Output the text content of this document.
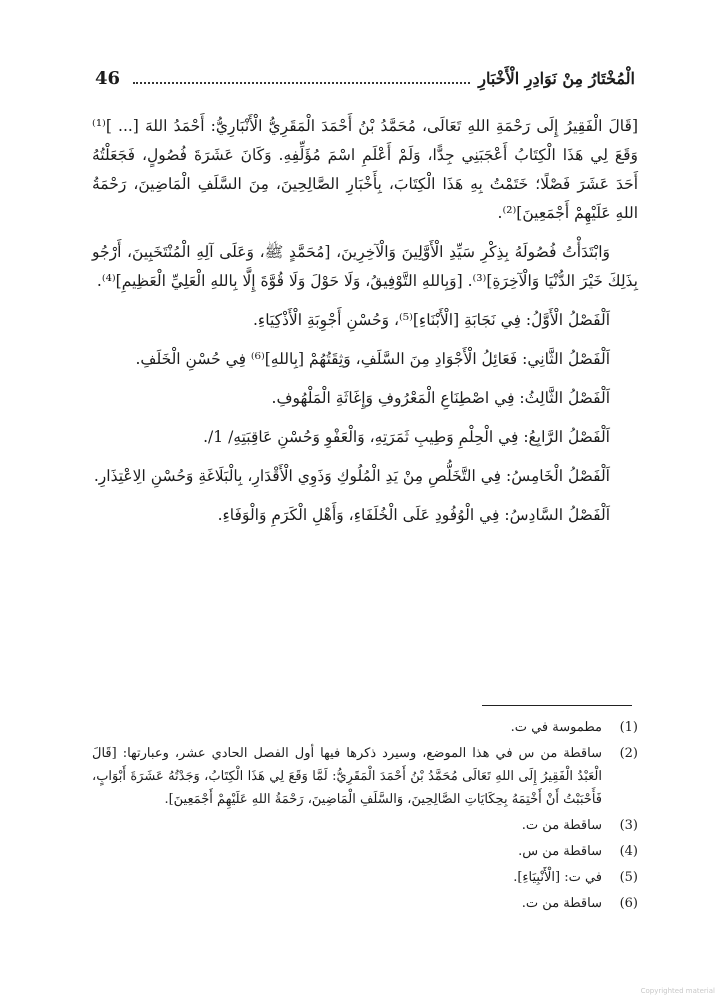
46	الْمُخْتَارُ مِنْ نَوَادِرِ الْأَخْبَارِ

[قَالَ الْفَقِيرُ إِلَى رَحْمَةِ اللهِ تَعَالَى، مُحَمَّدُ بْنُ أَحْمَدَ الْمَقَرِيُّ الْأَنْبَارِيُّ: أَحْمَدُ اللهَ [... ]⁽¹⁾ وَقَعَ لِي هَذَا الْكِتَابُ أَعْجَبَنِي جِدًّا، وَلَمْ أَعْلَمِ اسْمَ مُؤَلِّفِهِ. وَكَانَ عَشَرَةَ فُصُولٍ، فَجَعَلْتُهُ أَحَدَ عَشَرَ فَصْلًا؛ خَتَمْتُ بِهِ هَذَا الْكِتَابَ، بِأَخْبَارِ الصَّالِحِينَ، مِنَ السَّلَفِ الْمَاضِينَ، رَحْمَةُ اللهِ عَلَيْهِمْ أَجْمَعِينَ]⁽²⁾.

وَابْتَدَأْتُ فُصُولَهُ بِذِكْرِ سَيِّدِ الْأَوَّلِينَ وَالْآخِرِينَ، [مُحَمَّدٍ ﷺ، وَعَلَى آلِهِ الْمُنْتَخَبِينَ، أَرْجُو بِذَلِكَ خَيْرَ الدُّنْيَا وَالْآخِرَةِ]⁽³⁾. [وَبِاللهِ التَّوْفِيقُ، وَلَا حَوْلَ وَلَا قُوَّةَ إِلَّا بِاللهِ الْعَلِيِّ الْعَظِيمِ]⁽⁴⁾.

اَلْفَصْلُ الْأَوَّلُ: فِي نَجَابَةِ [الْأَبْنَاءِ]⁽⁵⁾، وَحُسْنِ أَجْوِبَةِ الْأَذْكِيَاءِ.

اَلْفَصْلُ الثَّانِي: فَعَائِلُ الْأَجْوَادِ مِنَ السَّلَفِ، وَثِقَتُهُمْ [بِاللهِ]⁽⁶⁾ فِي حُسْنِ الْخَلَفِ.

اَلْفَصْلُ الثَّالِثُ: فِي اصْطِنَاعِ الْمَعْرُوفِ وَإِغَاثَةِ الْمَلْهُوفِ.

اَلْفَصْلُ الرَّابِعُ: فِي الْحِلْمِ وَطِيبِ ثَمَرَتِهِ، وَالْعَفْوِ وَحُسْنِ عَاقِبَتِهِ/ 1/.

اَلْفَصْلُ الْخَامِسُ: فِي التَّخَلُّصِ مِنْ يَدِ الْمُلُوكِ وَذَوِي الْأَقْدَارِ، بِالْبَلَاغَةِ وَحُسْنِ الِاعْتِذَارِ.

اَلْفَصْلُ السَّادِسُ: فِي الْوُفُودِ عَلَى الْخُلَفَاءِ، وَأَهْلِ الْكَرَمِ وَالْوَفَاءِ.

(1)
مطموسة في ت.
(2)
ساقطة من س في هذا الموضع، وسيرد ذكرها فيها أول الفصل الحادي عشر، وعبارتها: [قَالَ الْعَبْدُ الْفَقِيرُ إِلَى اللهِ تَعَالَى مُحَمَّدُ بْنُ أَحْمَدَ الْمَقَرِيُّ: لَمَّا وَقَعَ لِي هَذَا الْكِتَابُ، وَجَدْتُهُ عَشَرَةَ أَبْوَابٍ، فَأَحْبَبْتُ أَنْ أَخْتِمَهُ بِحِكَايَاتِ الصَّالِحِينَ، وَالسَّلَفِ الْمَاضِينَ، رَحْمَةُ اللهِ عَلَيْهِمْ أَجْمَعِينَ].
(3)
ساقطة من ت.
(4)
ساقطة من س.
(5)
في ت: [الْأَنْبِيَاءِ].
(6)
ساقطة من ت.
Copyrighted material
